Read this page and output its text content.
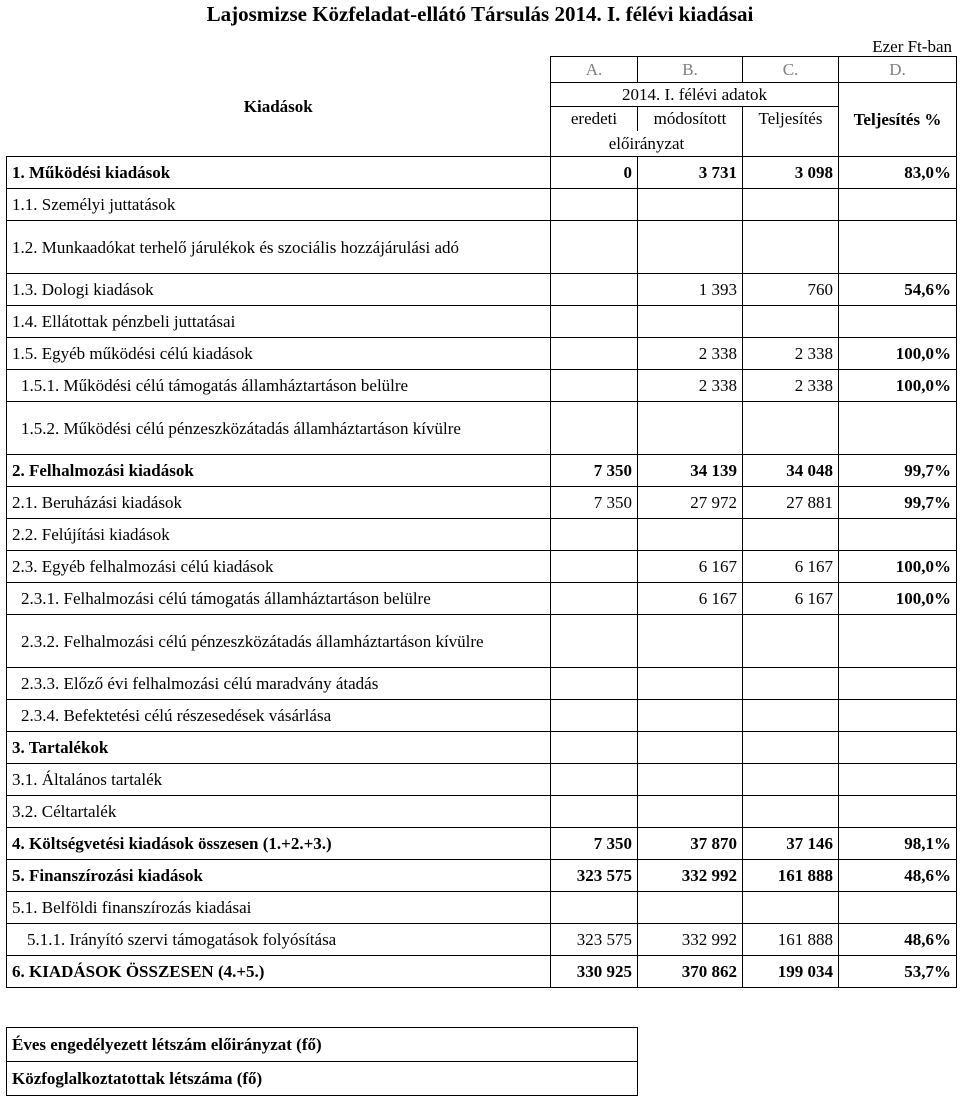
Lajosmizse Közfeladat-ellátó Társulás 2014. I. félévi kiadásai
Ezer Ft-ban
Kiadások	A.	B.	C.	D.
	2014. I. félévi adatok			Teljesítés %
	eredeti	módosított	Teljesítés	
	előirányzat			
1. Működési kiadások	0	3 731	3 098	83,0%
1.1. Személyi juttatások				
1.2. Munkaadókat terhelő járulékok és szociális hozzájárulási adó				
1.3. Dologi kiadások		1 393	760	54,6%
1.4. Ellátottak pénzbeli juttatásai				
1.5. Egyéb működési célú kiadások		2 338	2 338	100,0%
1.5.1. Működési célú támogatás államháztartáson belülre		2 338	2 338	100,0%
1.5.2. Működési célú pénzeszközátadás államháztartáson kívülre				
2. Felhalmozási kiadások	7 350	34 139	34 048	99,7%
2.1. Beruházási kiadások	7 350	27 972	27 881	99,7%
2.2. Felújítási kiadások				
2.3. Egyéb felhalmozási célú kiadások		6 167	6 167	100,0%
2.3.1. Felhalmozási célú támogatás államháztartáson belülre		6 167	6 167	100,0%
2.3.2. Felhalmozási célú pénzeszközátadás államháztartáson kívülre				
2.3.3. Előző évi felhalmozási célú maradvány átadás				
2.3.4. Befektetési célú részesedések vásárlása				
3. Tartalékok				
3.1. Általános tartalék				
3.2. Céltartalék				
4. Költségvetési kiadások összesen (1.+2.+3.)	7 350	37 870	37 146	98,1%
5. Finanszírozási kiadások	323 575	332 992	161 888	48,6%
5.1. Belföldi finanszírozás kiadásai				
5.1.1. Irányító szervi támogatások folyósítása	323 575	332 992	161 888	48,6%
6. KIADÁSOK ÖSSZESEN (4.+5.)	330 925	370 862	199 034	53,7%
Éves engedélyezett létszám előirányzat (fő)
Közfoglalkoztatottak létszáma (fő)
